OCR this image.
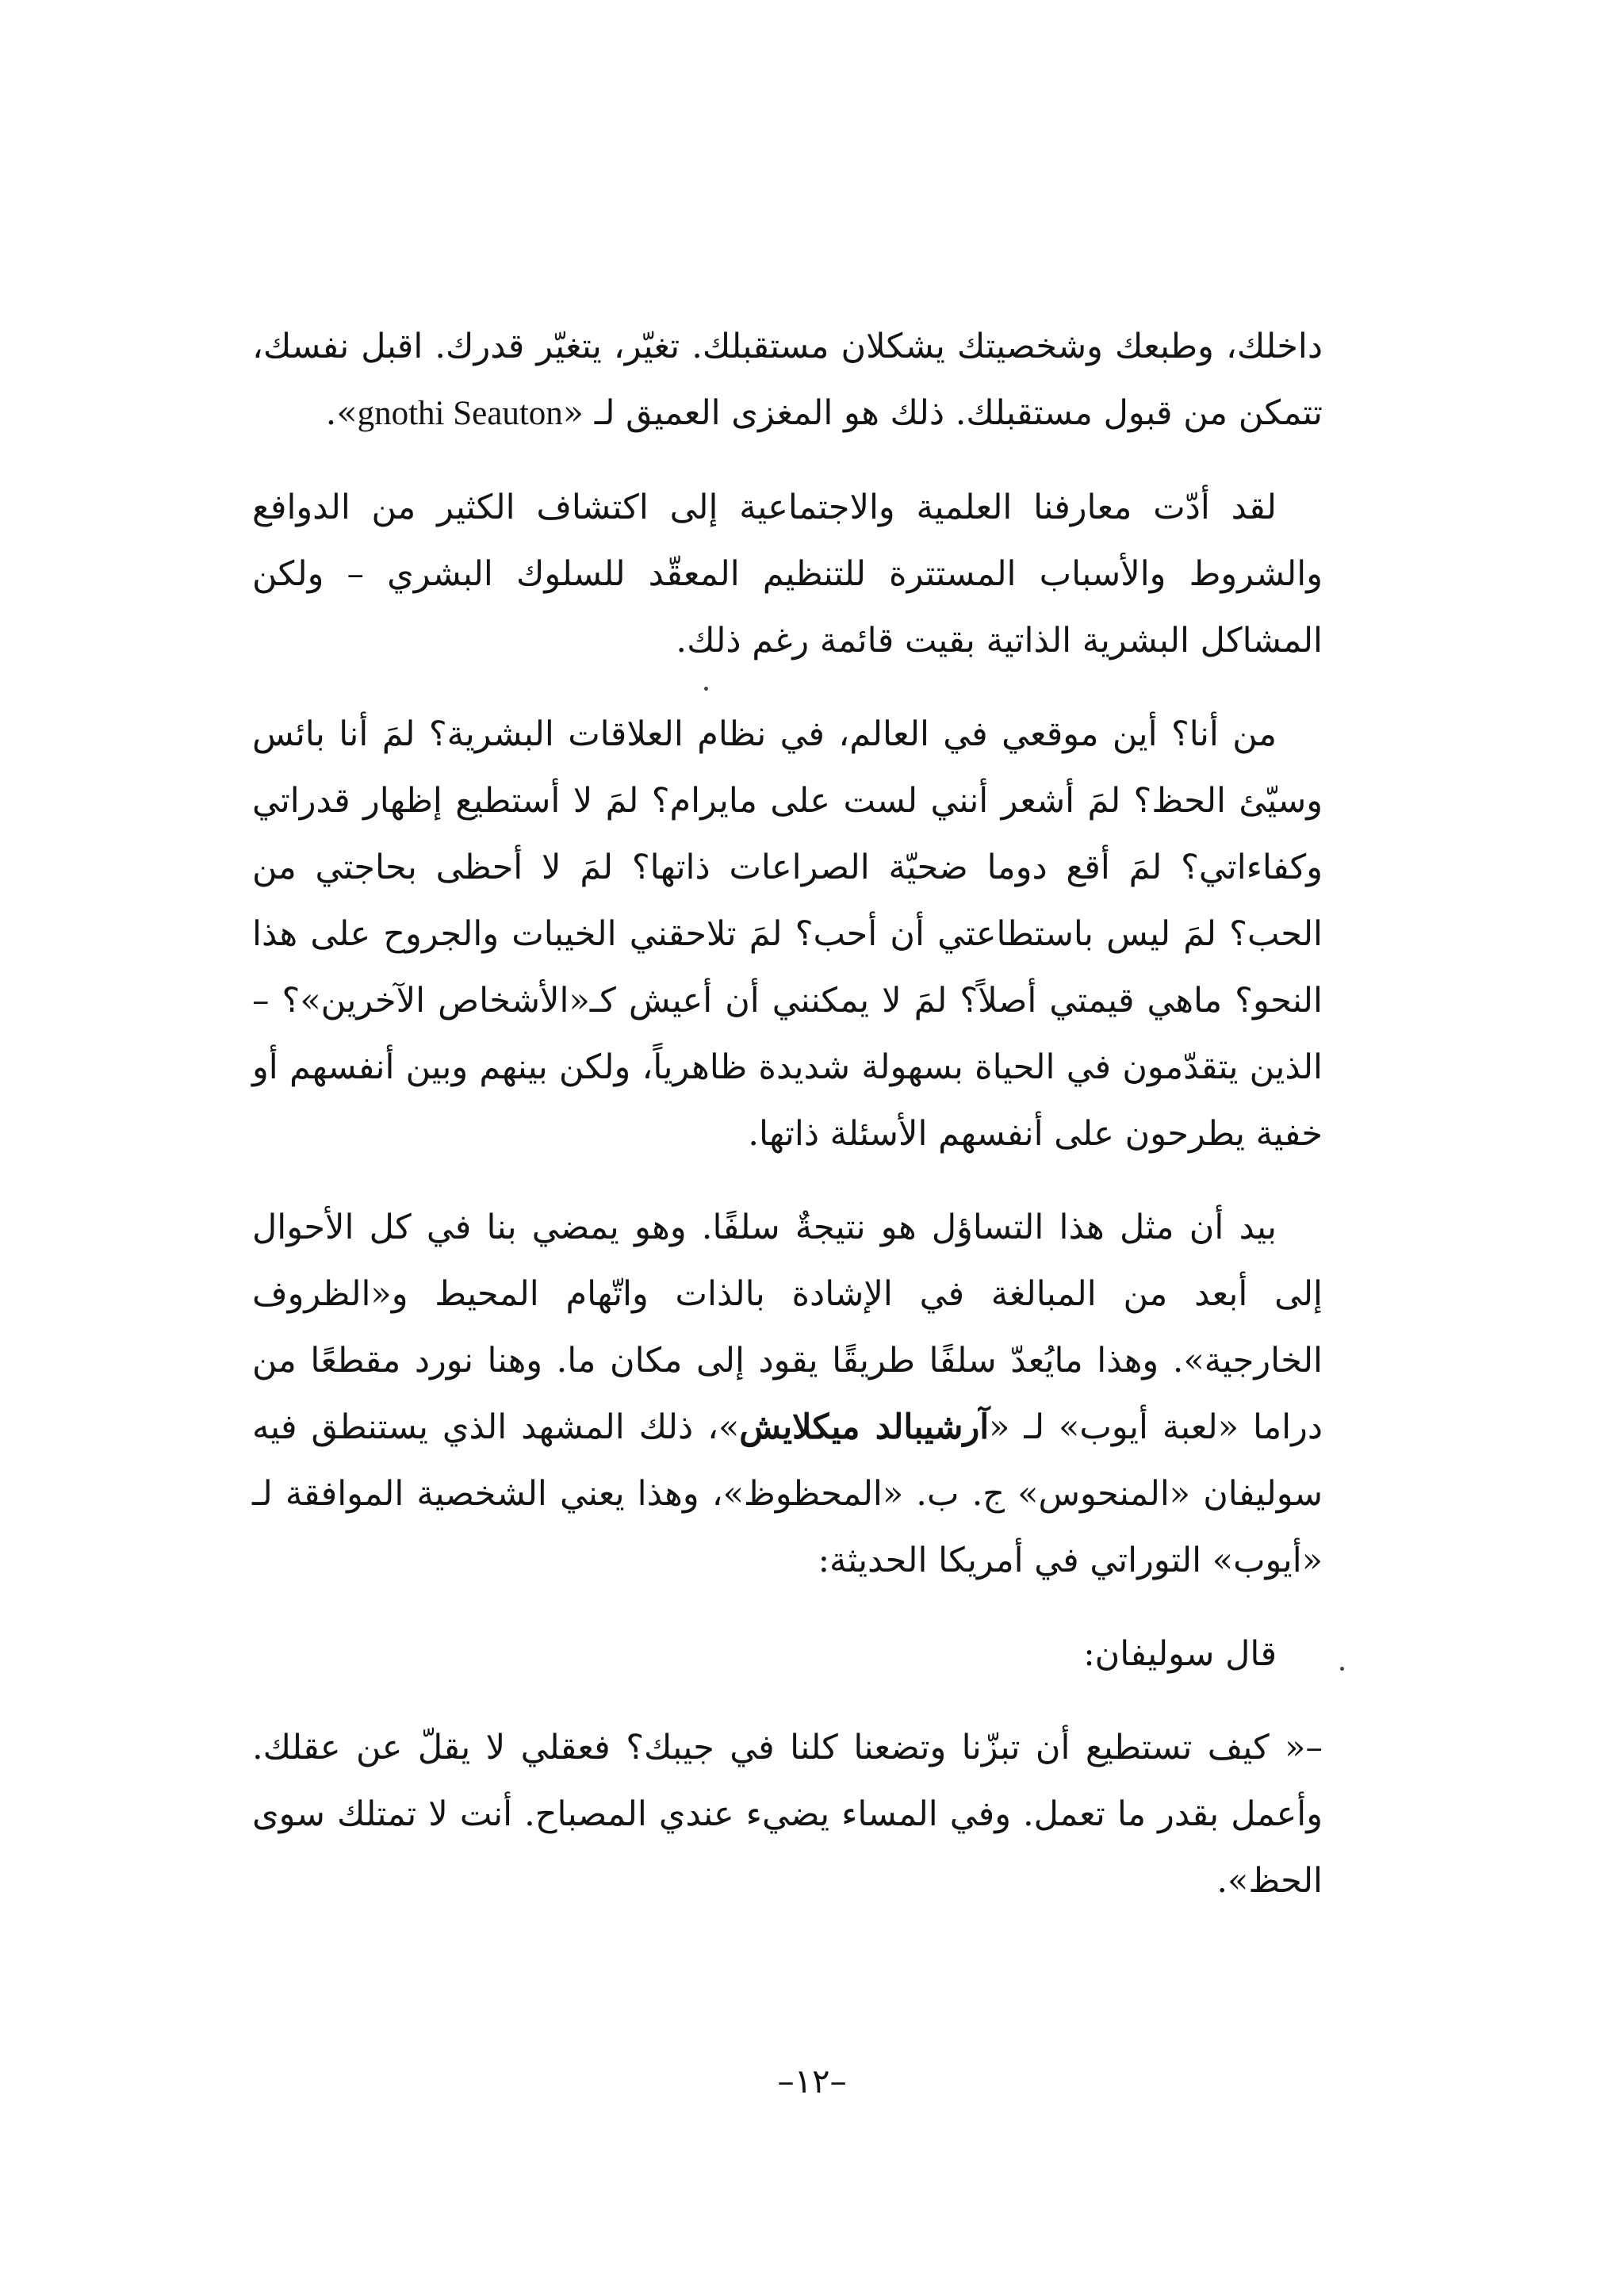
داخلك، وطبعك وشخصيتك يشكلان مستقبلك. تغيّر، يتغيّر قدرك. اقبل نفسك، تتمكن من قبول مستقبلك. ذلك هو المغزى العميق لـ «gnothi Seauton».

لقد أدّت معارفنا العلمية والاجتماعية إلى اكتشاف الكثير من الدوافع والشروط والأسباب المستترة للتنظيم المعقّد للسلوك البشري – ولكن المشاكل البشرية الذاتية بقيت قائمة رغم ذلك.

من أنا؟ أين موقعي في العالم، في نظام العلاقات البشرية؟ لمَ أنا بائس وسيّئ الحظ؟ لمَ أشعر أنني لست على مايرام؟ لمَ لا أستطيع إظهار قدراتي وكفاءاتي؟ لمَ أقع دوما ضحيّة الصراعات ذاتها؟ لمَ لا أحظى بحاجتي من الحب؟ لمَ ليس باستطاعتي أن أحب؟ لمَ تلاحقني الخيبات والجروح على هذا النحو؟ ماهي قيمتي أصلاً؟ لمَ لا يمكنني أن أعيش كـ«الأشخاص الآخرين»؟ – الذين يتقدّمون في الحياة بسهولة شديدة ظاهرياً، ولكن بينهم وبين أنفسهم أو خفية يطرحون على أنفسهم الأسئلة ذاتها.

بيد أن مثل هذا التساؤل هو نتيجةٌ سلفًا. وهو يمضي بنا في كل الأحوال إلى أبعد من المبالغة في الإشادة بالذات واتّهام المحيط و«الظروف الخارجية». وهذا مايُعدّ سلفًا طريقًا يقود إلى مكان ما. وهنا نورد مقطعًا من دراما «لعبة أيوب» لـ «آرشيبالد ميكلايش»، ذلك المشهد الذي يستنطق فيه سوليفان «المنحوس» ج. ب. «المحظوظ»، وهذا يعني الشخصية الموافقة لـ «أيوب» التوراتي في أمريكا الحديثة:

قال سوليفان:

–« كيف تستطيع أن تبزّنا وتضعنا كلنا في جيبك؟ فعقلي لا يقلّ عن عقلك. وأعمل بقدر ما تعمل. وفي المساء يضيء عندي المصباح. أنت لا تمتلك سوى الحظ».

–١٢–
